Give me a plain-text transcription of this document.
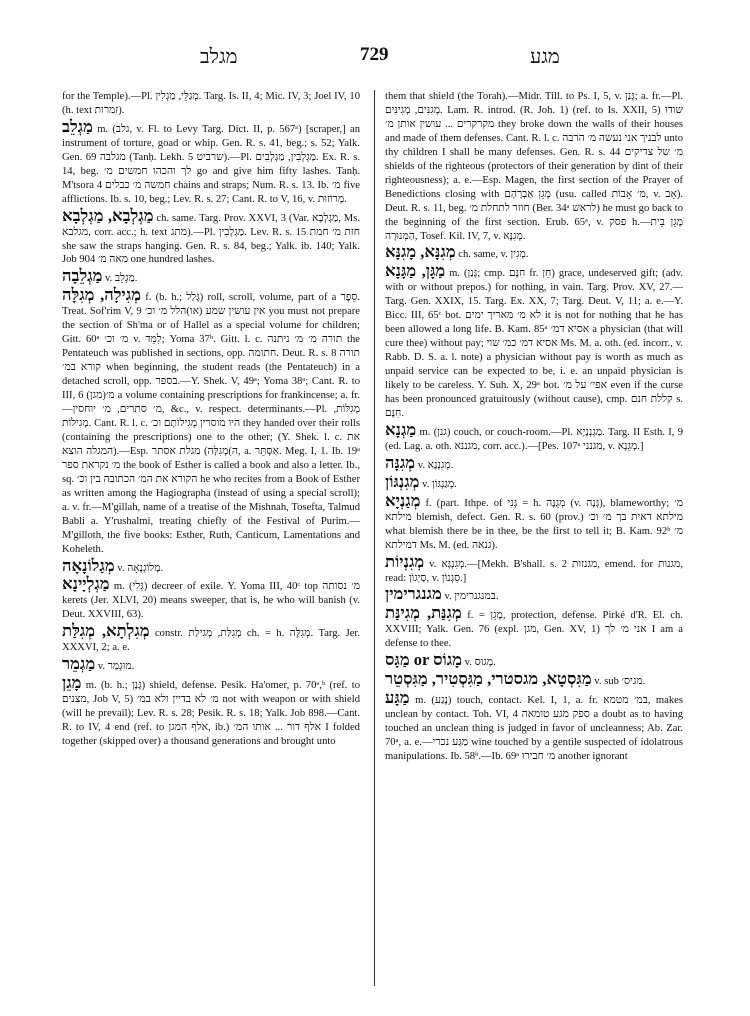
מגלב	729	מגע

for the Temple).—Pl. מְגַלֵּי, מַגְלִין. Targ. Is. II, 4; Mic. IV, 3; Joel IV, 10 (h. text זמרות).

מַגְלֵב m. (גלב, v. Fl. to Levy Targ. Dict. II, p. 567ᵃ) [scraper,] an instrument of torture, goad or whip. Gen. R. s. 41, beg.; s. 52; Yalk. Gen. 69 מגלבה (Tanḥ. Lekh. 5 שרביט).—Pl. מַגְלְבִין, מַגְלְבִים. Ex. R. s. 14, beg. לך והכהו חמשים מ׳ go and give him fifty lashes. Tanḥ. M'tsora 4 חמשה מ׳ כבלים chains and straps; Num. R. s. 13. Ib. מ׳ five afflictions. Ib. s. 10, beg.; Lev. R. s. 27; Cant. R. to V, 16, v. מְרוֹזוּת.

מַגְלְבָא, מַגְלְבָא ch. same. Targ. Prov. XXVI, 3 (Var. מַגְלְבָא, Ms. מגלבא, corr. acc.; h. text מתג).—Pl. מַגְלְבִין. Lev. R. s. 15 חזת מ׳ חמת she saw the straps hanging. Gen. R. s. 84, beg.; Yalk. ib. 140; Yalk. Job 904 מאה מ׳ one hundred lashes.

מַגְלֵבָה v. מַגְלֵב.

מְגִילָה, מְגִלָּה f. (b. h.; גָּלַל) roll, scroll, volume, part of a סֵפֶר. Treat. Sof'rim V, 9 אין עושין שמע (או)הלל מ׳ וכ׳ you must not prepare the section of Sh'ma or of Hallel as a special volume for children; Gitt. 60ᵃ מ׳ וכ׳ v. לִמֵּד; Yoma 37ᵇ. Gitt. l. c. תורה מ׳ מ׳ ניתנה the Pentateuch was published in sections, opp. חתומה. Deut. R. s. 8 תורה קורא במ׳ when beginning, the student reads (the Pentateuch) in a detached scroll, opp. בספר.—Y. Shek. V, 49ᵃ; Yoma 38ᵃ; Cant. R. to III, 6 מ׳(מגן) a volume containing prescriptions for frankincense; a. fr.—מ׳ סתרים, מ׳ יוחסין, &c., v. respect. determinants.—Pl. מְגִלּוֹת, מְגִילוֹת. Cant. R. l. c. היו מוסרין מְגִילוֹתָם וכ׳ they handed over their rolls (containing the prescriptions) one to the other; (Y. Shek. l. c. את המגלה הוצא).—Esp. ה)מְגִלָּה) מגלת אסתר, a. אַסְתֵּר. Meg. I, 1. Ib. 19ᵃ מ׳ נקראת ספר the book of Esther is called a book and also a letter. Ib., sq. הקורא את המ׳ הכתובה בין וכ׳ he who recites from a Book of Esther as written among the Hagiographa (instead of using a special scroll); a. v. fr.—M'gillah, name of a treatise of the Mishnah, Tosefta, Talmud Babli a. Y'rushalmi, treating chiefly of the Festival of Purim.—M'gilloth, the five books: Esther, Ruth, Canticum, Lamentations and Koheleth.

מְגַלוֹנָאָה v. מְלוֹגְנָאָה.

מַגְלְיָינָא m. (גְּלִי) decreer of exile. Y. Yoma III, 40ᶜ top מ׳ נסותה kerets (Jer. XLVI, 20) means sweeper, that is, he who will banish (v. Deut. XXVIII, 63).

מְגִלְתָא, מְגִלַּת constr. מְגִלַּת, מְגִילַת ch. = h. מְגִלָּה. Targ. Jer. XXXVI, 2; a. e.

מַגְמֵר v. מוּגְמַר.

מָגֵן m. (b. h.; גָּנַן) shield, defense. Pesik. Ha'omer, p. 70ᵃ,ᵇ (ref. to מצנים, Job V, 5) מ׳ לא בדיין ולא במ׳ not with weapon or with shield (will he prevail); Lev. R. s. 28; Pesik. R. s. 18; Yalk. Job 898.—Cant. R. to IV, 4 end (ref. to אלף המגן, ib.) אלף דור ... אותו המ׳ I folded together (skipped over) a thousand generations and brought unto

them that shield (the Torah).—Midr. Till. to Ps. I, 5, v. גָּנַן; a. fr.—Pl. מְגִנִּים, מְגִינִּים. Lam. R. introd. (R. Joh. 1) (ref. to Is. XXII, 5) שודו מקרקרים ... עושין אותן מ׳ they broke down the walls of their houses and made of them defenses. Cant. R. l. c. לבניך אני נעשה מ׳ הרבה unto thy children I shall be many defenses. Gen. R. s. 44 מ׳ של צדיקים shields of the righteous (protectors of their generation by dint of their righteousness); a. e.—Esp. Magen, the first section of the Prayer of Benedictions closing with מָגֵן אַבְרָהָם (usu. called מ׳ אָבוֹת, v. אָב). Deut. R. s. 11, beg. חוזר לתחלת מ׳ (Ber. 34ᵃ לראש) he must go back to the beginning of the first section. Erub. 65ᵃ, v. פסק h.—מָגֵן בֵּית הַמְּנוּרָה, Tosef. Kil. IV, 7, v. מְגִנָּא.

מְגִנָּא, מָגִנָּא ch. same, v. מְגִין.

מַגָּן, מַגָּנָא m. (גָּנַן; cmp. חִנָּם fr. חֵן) grace, undeserved gift; (adv. with or without prepos.) for nothing, in vain. Targ. Prov. XV, 27.—Targ. Gen. XXIX, 15. Targ. Ex. XX, 7; Targ. Deut. V, 11; a. e.—Y. Bicc. III, 65ᶜ bot. לא מ׳ מאריך ימים it is not for nothing that he has been allowed a long life. B. Kam. 85ᵃ אסיא דמ׳ a physician (that will cure thee) without pay; אסיא דמ׳ כמ׳ שוי Ms. M. a. oth. (ed. incorr., v. Rabb. D. S. a. l. note) a physician without pay is worth as much as unpaid service can be expected to be, i. e. an unpaid physician is likely to be careless. Y. Suh. X, 29ᵃ bot. אפי׳ על מ׳ even if the curse has been pronounced gratuitously (without cause), cmp. קללת חנם s. חִנָּם.

מַגְנָא m. (גנן) couch, or couch-room.—Pl. מַגְנְנָיָא. Targ. II Esth. I, 9 (ed. Lag. a. oth. מגננא, corr. acc.).—[Pes. 107ᵃ מגנני, v. מְגֵנָא.]

מְגִנָּה v. מְגִנְנָא.

מְגִנְגּוֹן v. מְגַנְגּוֹן.

מְגַנְיָא f. (part. Ithpe. of גְּנִי = h. מְגֻנֶּה (v. גְּנָה), blameworthy; מ׳ מילתא blemish, defect. Gen. R. s. 60 (prov.) מילתא דאית בך מ׳ וכ׳ what blemish there be in thee, be the first to tell it; B. Kam. 92ᵇ מ׳ דמילתא Ms. M. (ed. גנאה).

מְגִנְיוֹת v. מְגִנְגָּא.—[Mekh. B'shall. s. 2 מגנזות, emend. for מגנות, read: סַיְגוֹן, v. סִגְנוֹן.]

מגנגרימין v. במנגנרימין.

מְגִנַּת, מְגִינַּת f. = מָגֵן, protection, defense. Pirké d'R. El. ch. XXVIII; Yalk. Gen. 76 (expl. מגן, Gen. XV, 1) אני מ׳ לך I am a defense to thee.

מַגָּס or מָגוֹס v. מְגוּס.

מַגִּסְטָא, מגסטרי, מַגִּסְטִיר, מַגִּסְטֵר v. sub מגיס׳.

מַגָּע m. (נָגַע) touch, contact. Kel. I, 1, a. fr. במ׳ מטמא, makes unclean by contact. Toh. VI, 4 ספק מגע טומאה a doubt as to having touched an unclean thing is judged in favor of uncleanness; Ab. Zar. 70ᵃ, a. e.—מַגַּע נכרי wine touched by a gentile suspected of idolatrous manipulations. Ib. 58ᵇ.—Ib. 69ᵃ מ׳ חבירו another ignorant
